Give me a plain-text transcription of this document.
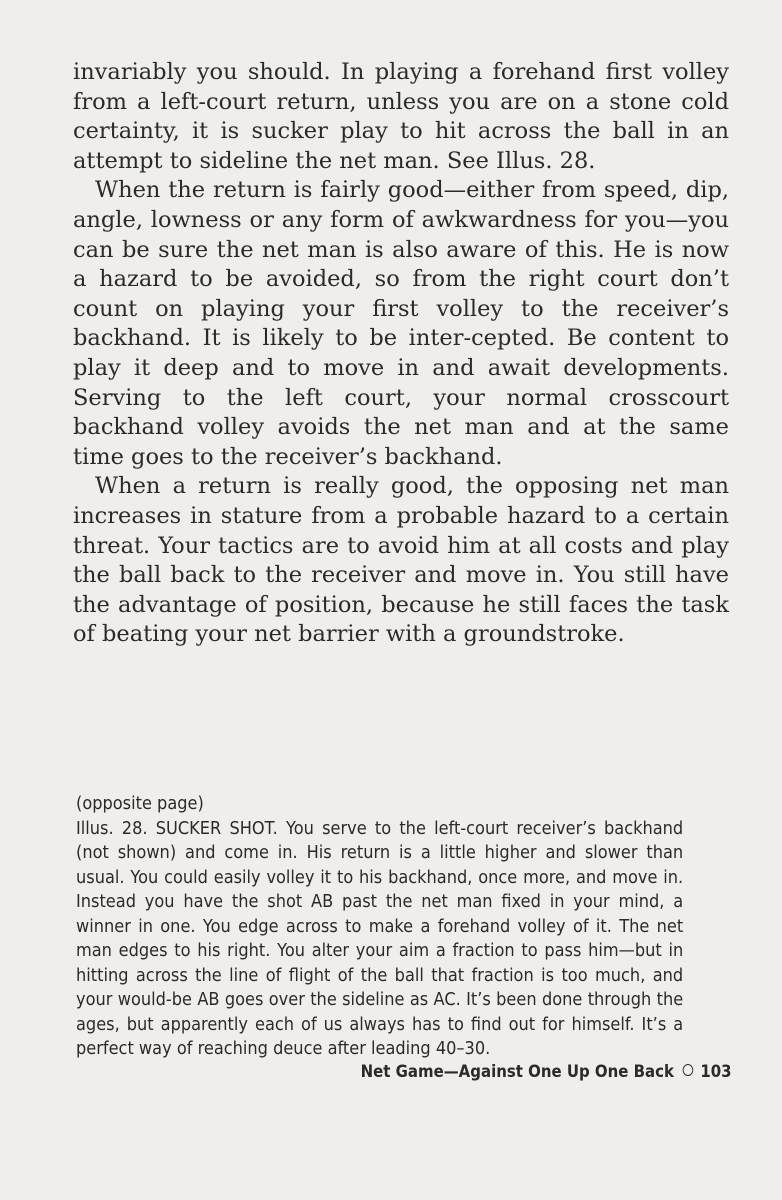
invariably you should. In playing a forehand first volley from a left-court return, unless you are on a stone cold certainty, it is sucker play to hit across the ball in an attempt to sideline the net man. See Illus. 28.

When the return is fairly good—either from speed, dip, angle, lowness or any form of awkwardness for you—you can be sure the net man is also aware of this. He is now a hazard to be avoided, so from the right court don’t count on playing your first volley to the receiver’s backhand. It is likely to be inter-cepted. Be content to play it deep and to move in and await developments. Serving to the left court, your normal crosscourt backhand volley avoids the net man and at the same time goes to the receiver’s backhand.

When a return is really good, the opposing net man increases in stature from a probable hazard to a certain threat. Your tactics are to avoid him at all costs and play the ball back to the receiver and move in. You still have the advantage of position, because he still faces the task of beating your net barrier with a groundstroke.

(opposite page)
Illus. 28. SUCKER SHOT. You serve to the left-court receiver’s backhand (not shown) and come in. His return is a little higher and slower than usual. You could easily volley it to his backhand, once more, and move in. Instead you have the shot AB past the net man fixed in your mind, a winner in one. You edge across to make a forehand volley of it. The net man edges to his right. You alter your aim a fraction to pass him—but in hitting across the line of flight of the ball that fraction is too much, and your would-be AB goes over the sideline as AC. It’s been done through the ages, but apparently each of us always has to find out for himself. It’s a perfect way of reaching deuce after leading 40–30.
Net Game—Against One Up One Back 103
